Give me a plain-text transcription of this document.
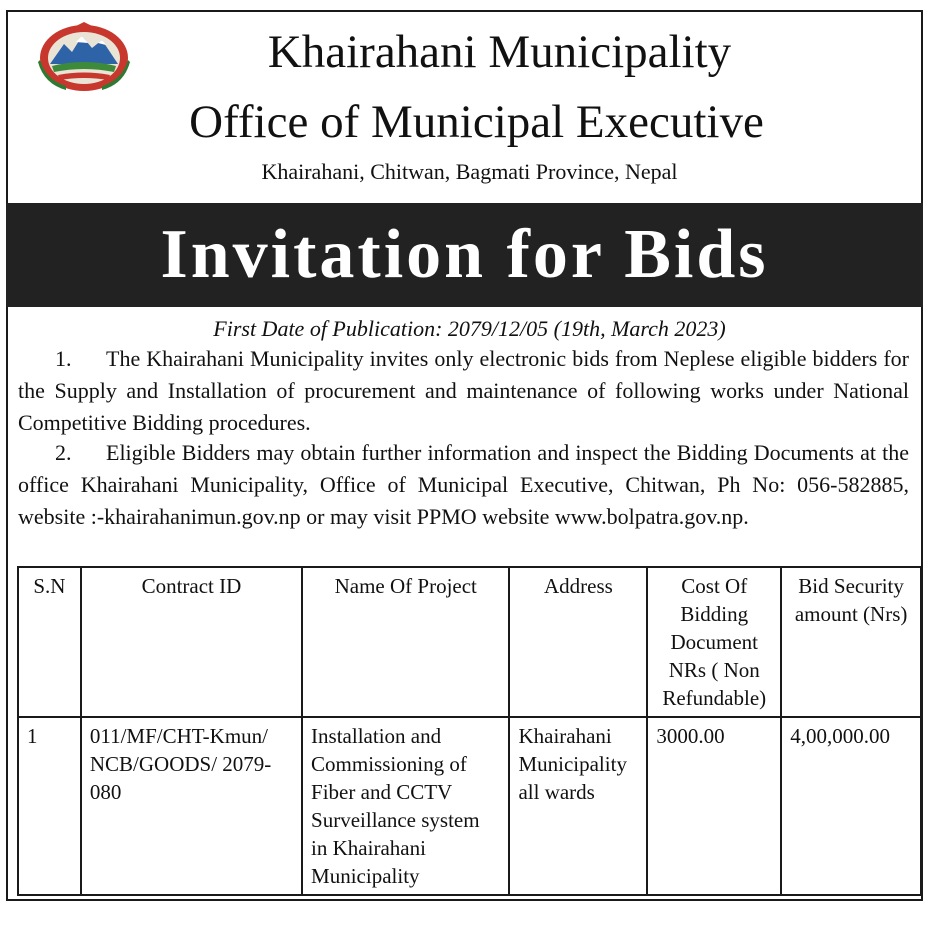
Khairahani Municipality
Office of Municipal Executive
Khairahani, Chitwan, Bagmati Province, Nepal
Invitation for Bids
First Date of Publication: 2079/12/05 (19th, March 2023)

1. The Khairahani Municipality invites only electronic bids from Neplese eligible bidders for the Supply and Installation of procurement and maintenance of following works under National Competitive Bidding procedures.

2. Eligible Bidders may obtain further information and inspect the Bidding Documents at the office Khairahani Municipality, Office of Municipal Executive, Chitwan, Ph No: 056-582885, website :-khairahanimun.gov.np or may visit PPMO website www.bolpatra.gov.np.

S.N	Contract ID	Name Of Project	Address	Cost Of Bidding Document NRs ( Non Refundable)	Bid Security amount (Nrs)
1	011/MF/CHT-Kmun/ NCB/GOODS/ 2079-080	Installation and Commissioning of Fiber and CCTV Surveillance system in Khairahani Municipality	Khairahani Municipality all wards	3000.00	4,00,000.00
